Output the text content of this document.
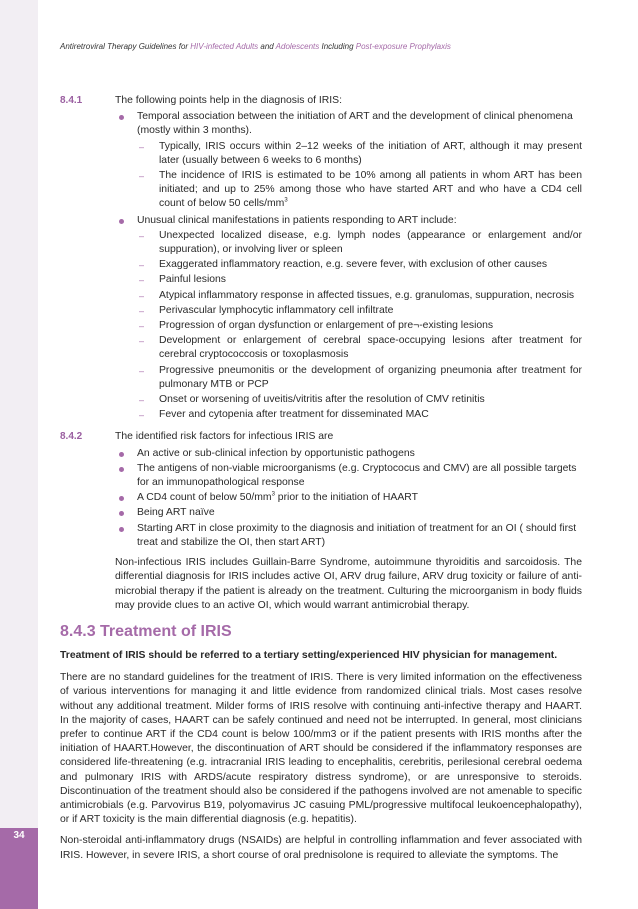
34
Antiretroviral Therapy Guidelines for HIV-infected Adults and Adolescents Including Post-exposure Prophylaxis
8.4.1	The following points help in the diagnosis of IRIS:
Temporal association between the initiation of ART and the development of clinical phenomena (mostly within 3 months).
– Typically, IRIS occurs within 2–12 weeks of the initiation of ART, although it may present later (usually between 6 weeks to 6 months)
– The incidence of IRIS is estimated to be 10% among all patients in whom ART has been initiated; and up to 25% among those who have started ART and who have a CD4 cell count of below 50 cells/$mm^3$
Unusual clinical manifestations in patients responding to ART include:
– Unexpected localized disease, e.g. lymph nodes (appearance or enlargement and/or suppuration), or involving liver or spleen
– Exaggerated inflammatory reaction, e.g. severe fever, with exclusion of other causes
– Painful lesions
– Atypical inflammatory response in affected tissues, e.g. granulomas, suppuration, necrosis
– Perivascular lymphocytic inflammatory cell infiltrate
– Progression of organ dysfunction or enlargement of pre¬-existing lesions
– Development or enlargement of cerebral space-occupying lesions after treatment for cerebral cryptococcosis or toxoplasmosis
– Progressive pneumonitis or the development of organizing pneumonia after treatment for pulmonary MTB or PCP
– Onset or worsening of uveitis/vitritis after the resolution of CMV retinitis
– Fever and cytopenia after treatment for disseminated MAC
8.4.2	The identified risk factors for infectious IRIS are
An active or sub-clinical infection by opportunistic pathogens
The antigens of non-viable microorganisms (e.g. Cryptococus and CMV) are all possible targets for an immunopathological response
A CD4 count of below $50/mm^3$ prior to the initiation of HAART
Being ART naïve
Starting ART in close proximity to the diagnosis and initiation of treatment for an OI ( should first treat and stabilize the OI, then start ART)
Non-infectious IRIS includes Guillain-Barre Syndrome, autoimmune thyroiditis and sarcoidosis. The differential diagnosis for IRIS includes active OI, ARV drug failure, ARV drug toxicity or failure of anti-microbial therapy if the patient is already on the treatment. Culturing the microorganism in body fluids may provide clues to an active OI, which would warrant antimicrobial therapy.
8.4.3 Treatment of IRIS
Treatment of IRIS should be referred to a tertiary setting/experienced HIV physician for management.
There are no standard guidelines for the treatment of IRIS. There is very limited information on the effectiveness of various interventions for managing it and little evidence from randomized clinical trials. Most cases resolve without any additional treatment. Milder forms of IRIS resolve with continuing anti-infective therapy and HAART. In the majority of cases, HAART can be safely continued and need not be interrupted. In general, most clinicians prefer to continue ART if the CD4 count is below 100/mm3 or if the patient presents with IRIS months after the initiation of HAART.However, the discontinuation of ART should be considered if the inflammatory responses are considered life-threatening (e.g. intracranial IRIS leading to encephalitis, cerebritis, perilesional cerebral oedema and pulmonary IRIS with ARDS/acute respiratory distress syndrome), or are unresponsive to steroids. Discontinuation of the treatment should also be considered if the pathogens involved are not amenable to specific antimicrobials (e.g. Parvovirus B19, polyomavirus JC casuing PML/progressive multifocal leukoencephalopathy), or if ART toxicity is the main differential diagnosis (e.g. hepatitis).
Non-steroidal anti-inflammatory drugs (NSAIDs) are helpful in controlling inflammation and fever associated with IRIS. However, in severe IRIS, a short course of oral prednisolone is required to alleviate the symptoms. The
